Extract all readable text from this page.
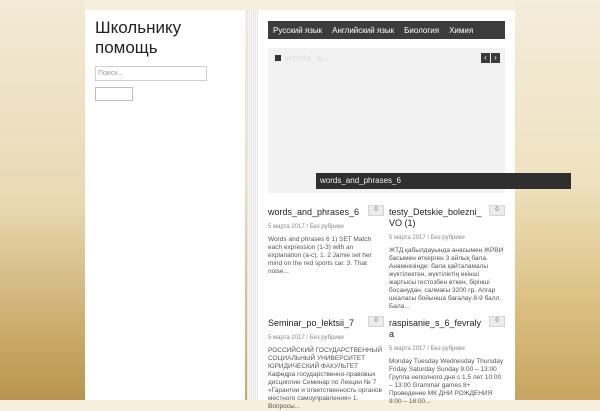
Школьнику помощь
Поиск...
Русский язык	Английский язык	Биология	Химия
words_a...	‹ ›
words_and_phrases_6	0
5 марта 2017 / Без рубрики
Words and phrases 6 1) SET Match each expression (1-3) with an explanation (a-c). 1. 2 Jamie set her mind on the red sports car. 3. That noise...
testy_Detskie_bolezni_VO (1)
0
5 марта 2017 / Без рубрики
ЖТД қабылдауында анасымен ЖРВИ басымен өткерген 3 айлық бала. Анамнезінде: бала қайталамалы жүктілектен, жүктіліктің екінші жартысы гестозбен өткен, біріншi босанудан, салмағы 3200 гр. Апгар шкаласы бойынша бағалау 8-9 балл. Бала...
Seminar_po_lektsii_7	0
5 марта 2017 / Без рубрики
РОССИЙСКИЙ ГОСУДАРСТВЕННЫЙ СОЦИАЛЬНЫЙ УНИВЕРСИТЕТ ЮРИДИЧЕСКИЙ ФАКУЛЬТЕТ Кафедра государственно-правовых дисциплин Семинар по Лекции № 7 «Гарантии и ответственность органов местного самоуправления» 1. Вопросы...
raspisanie_s_6_fevralya
0
5 марта 2017 / Без рубрики
Monday Tuesday Wednesday Thursday Friday Saturday Sunday 9:00 – 13:00 Группа неполного дня с 1,5 лет 10:00 – 13:00 Grammar games 8+ Проведение МК ДНИ РОЖДЕНИЯ 9:00 – 18:00...
words_and_phrases_6
